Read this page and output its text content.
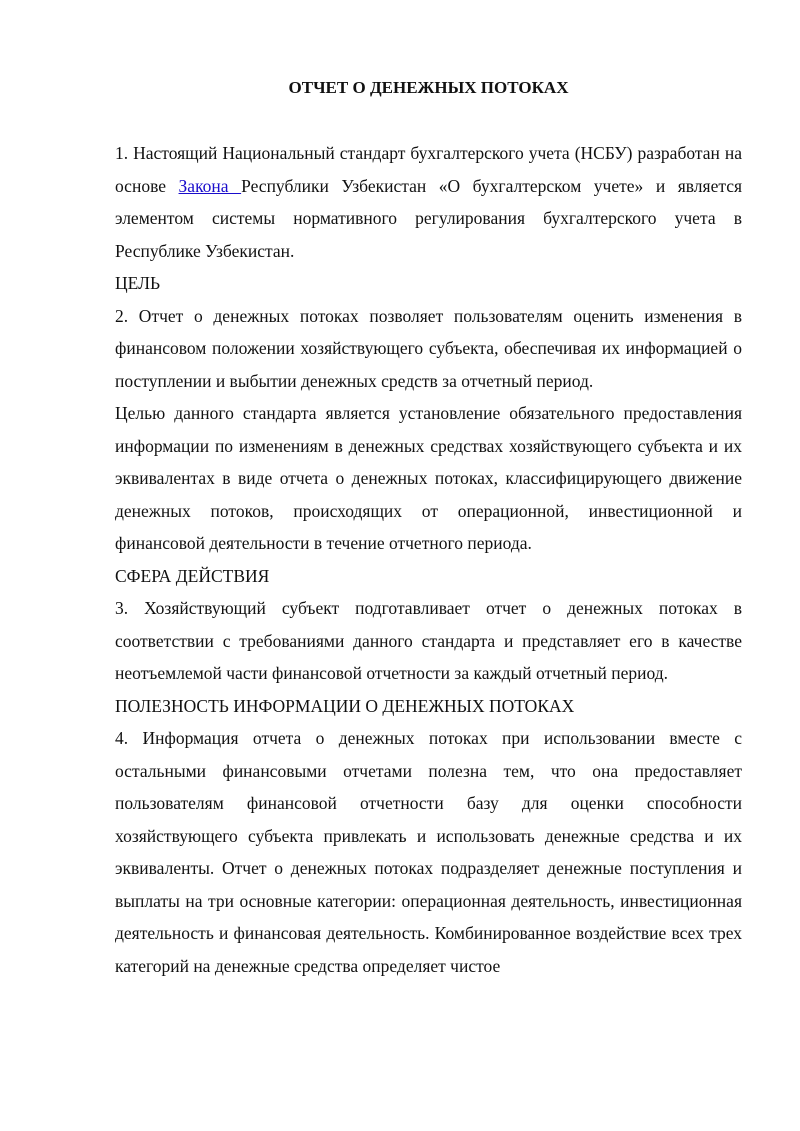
ОТЧЕТ О ДЕНЕЖНЫХ ПОТОКАХ

1. Настоящий Национальный стандарт бухгалтерского учета (НСБУ) разработан на основе Закона Республики Узбекистан «О бухгалтерском учете» и является элементом системы нормативного регулирования бухгалтерского учета в Республике Узбекистан.

ЦЕЛЬ

2. Отчет о денежных потоках позволяет пользователям оценить изменения в финансовом положении хозяйствующего субъекта, обеспечивая их информацией о поступлении и выбытии денежных средств за отчетный период.

Целью данного стандарта является установление обязательного предоставления информации по изменениям в денежных средствах хозяйствующего субъекта и их эквивалентах в виде отчета о денежных потоках, классифицирующего движение денежных потоков, происходящих от операционной, инвестиционной и финансовой деятельности в течение отчетного периода.

СФЕРА ДЕЙСТВИЯ

3. Хозяйствующий субъект подготавливает отчет о денежных потоках в соответствии с требованиями данного стандарта и представляет его в качестве неотъемлемой части финансовой отчетности за каждый отчетный период.

ПОЛЕЗНОСТЬ ИНФОРМАЦИИ О ДЕНЕЖНЫХ ПОТОКАХ

4. Информация отчета о денежных потоках при использовании вместе с остальными финансовыми отчетами полезна тем, что она предоставляет пользователям финансовой отчетности базу для оценки способности хозяйствующего субъекта привлекать и использовать денежные средства и их эквиваленты. Отчет о денежных потоках подразделяет денежные поступления и выплаты на три основные категории: операционная деятельность, инвестиционная деятельность и финансовая деятельность. Комбинированное воздействие всех трех категорий на денежные средства определяет чистое
